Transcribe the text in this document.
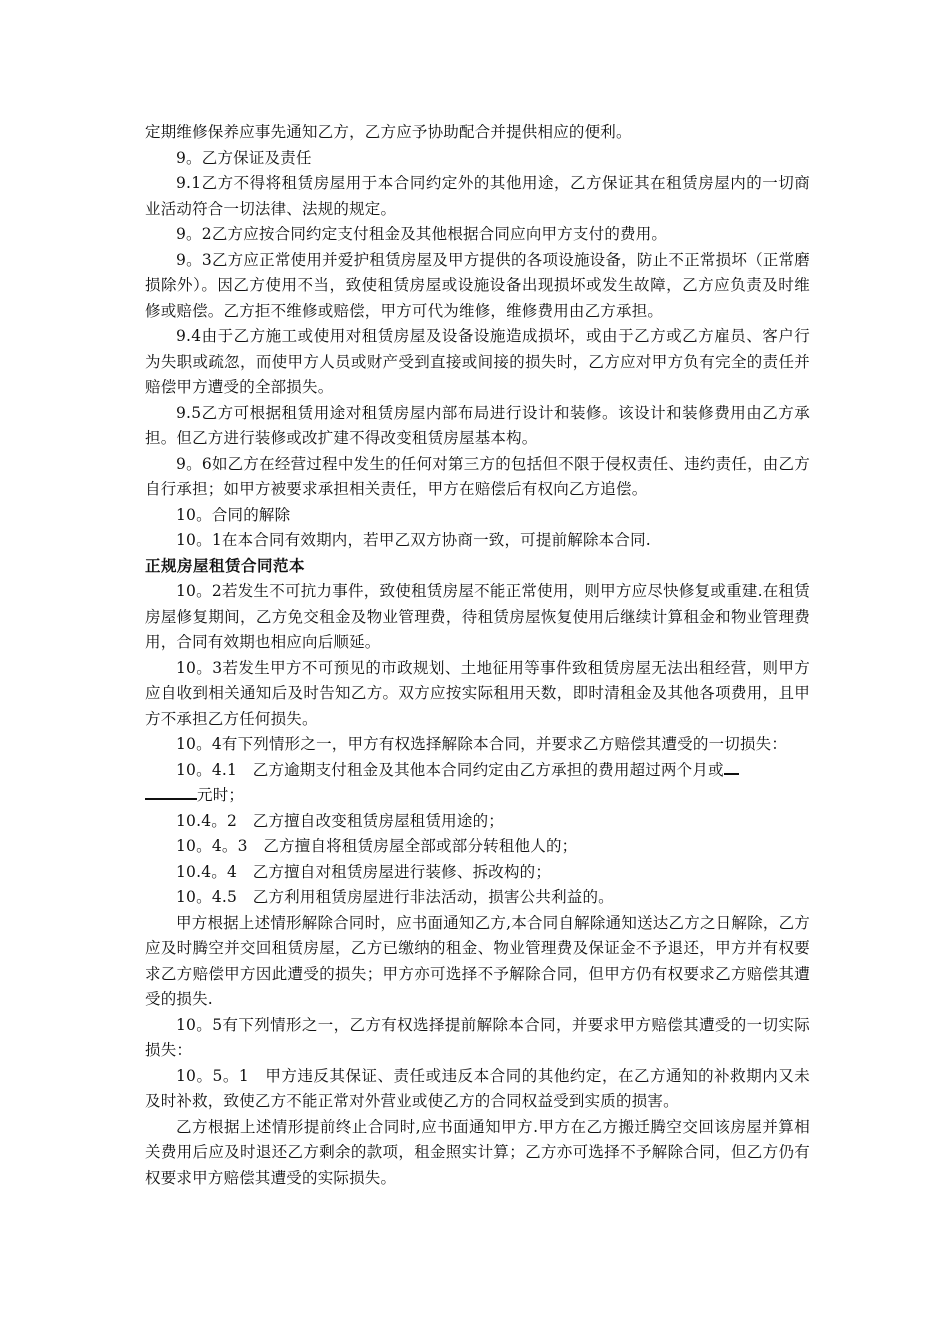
定期维修保养应事先通知乙方，乙方应予协助配合并提供相应的便利。

9。乙方保证及责任

9.1乙方不得将租赁房屋用于本合同约定外的其他用途，乙方保证其在租赁房屋内的一切商业活动符合一切法律、法规的规定。

9。2乙方应按合同约定支付租金及其他根据合同应向甲方支付的费用。

9。3乙方应正常使用并爱护租赁房屋及甲方提供的各项设施设备，防止不正常损坏（正常磨损除外）。因乙方使用不当，致使租赁房屋或设施设备出现损坏或发生故障，乙方应负责及时维修或赔偿。乙方拒不维修或赔偿，甲方可代为维修，维修费用由乙方承担。

9.4由于乙方施工或使用对租赁房屋及设备设施造成损坏，或由于乙方或乙方雇员、客户行为失职或疏忽，而使甲方人员或财产受到直接或间接的损失时，乙方应对甲方负有完全的责任并赔偿甲方遭受的全部损失。

9.5乙方可根据租赁用途对租赁房屋内部布局进行设计和装修。该设计和装修费用由乙方承担。但乙方进行装修或改扩建不得改变租赁房屋基本构。

9。6如乙方在经营过程中发生的任何对第三方的包括但不限于侵权责任、违约责任，由乙方自行承担；如甲方被要求承担相关责任，甲方在赔偿后有权向乙方追偿。

10。合同的解除

10。1在本合同有效期内，若甲乙双方协商一致，可提前解除本合同.

正规房屋租赁合同范本

10。2若发生不可抗力事件，致使租赁房屋不能正常使用，则甲方应尽快修复或重建.在租赁房屋修复期间，乙方免交租金及物业管理费，待租赁房屋恢复使用后继续计算租金和物业管理费用，合同有效期也相应向后顺延。

10。3若发生甲方不可预见的市政规划、土地征用等事件致租赁房屋无法出租经营，则甲方应自收到相关通知后及时告知乙方。双方应按实际租用天数，即时清租金及其他各项费用，且甲方不承担乙方任何损失。

10。4有下列情形之一，甲方有权选择解除本合同，并要求乙方赔偿其遭受的一切损失：

10。4.1　乙方逾期支付租金及其他本合同约定由乙方承担的费用超过两个月或
元时；

10.4。2　乙方擅自改变租赁房屋租赁用途的；

10。4。3　乙方擅自将租赁房屋全部或部分转租他人的；

10.4。4　乙方擅自对租赁房屋进行装修、拆改构的；

10。4.5　乙方利用租赁房屋进行非法活动，损害公共利益的。

甲方根据上述情形解除合同时，应书面通知乙方,本合同自解除通知送达乙方之日解除，乙方应及时腾空并交回租赁房屋，乙方已缴纳的租金、物业管理费及保证金不予退还，甲方并有权要求乙方赔偿甲方因此遭受的损失；甲方亦可选择不予解除合同，但甲方仍有权要求乙方赔偿其遭受的损失.

10。5有下列情形之一，乙方有权选择提前解除本合同，并要求甲方赔偿其遭受的一切实际损失：

10。5。1　甲方违反其保证、责任或违反本合同的其他约定，在乙方通知的补救期内又未及时补救，致使乙方不能正常对外营业或使乙方的合同权益受到实质的损害。

乙方根据上述情形提前终止合同时,应书面通知甲方.甲方在乙方搬迁腾空交回该房屋并算相关费用后应及时退还乙方剩余的款项，租金照实计算；乙方亦可选择不予解除合同，但乙方仍有权要求甲方赔偿其遭受的实际损失。
